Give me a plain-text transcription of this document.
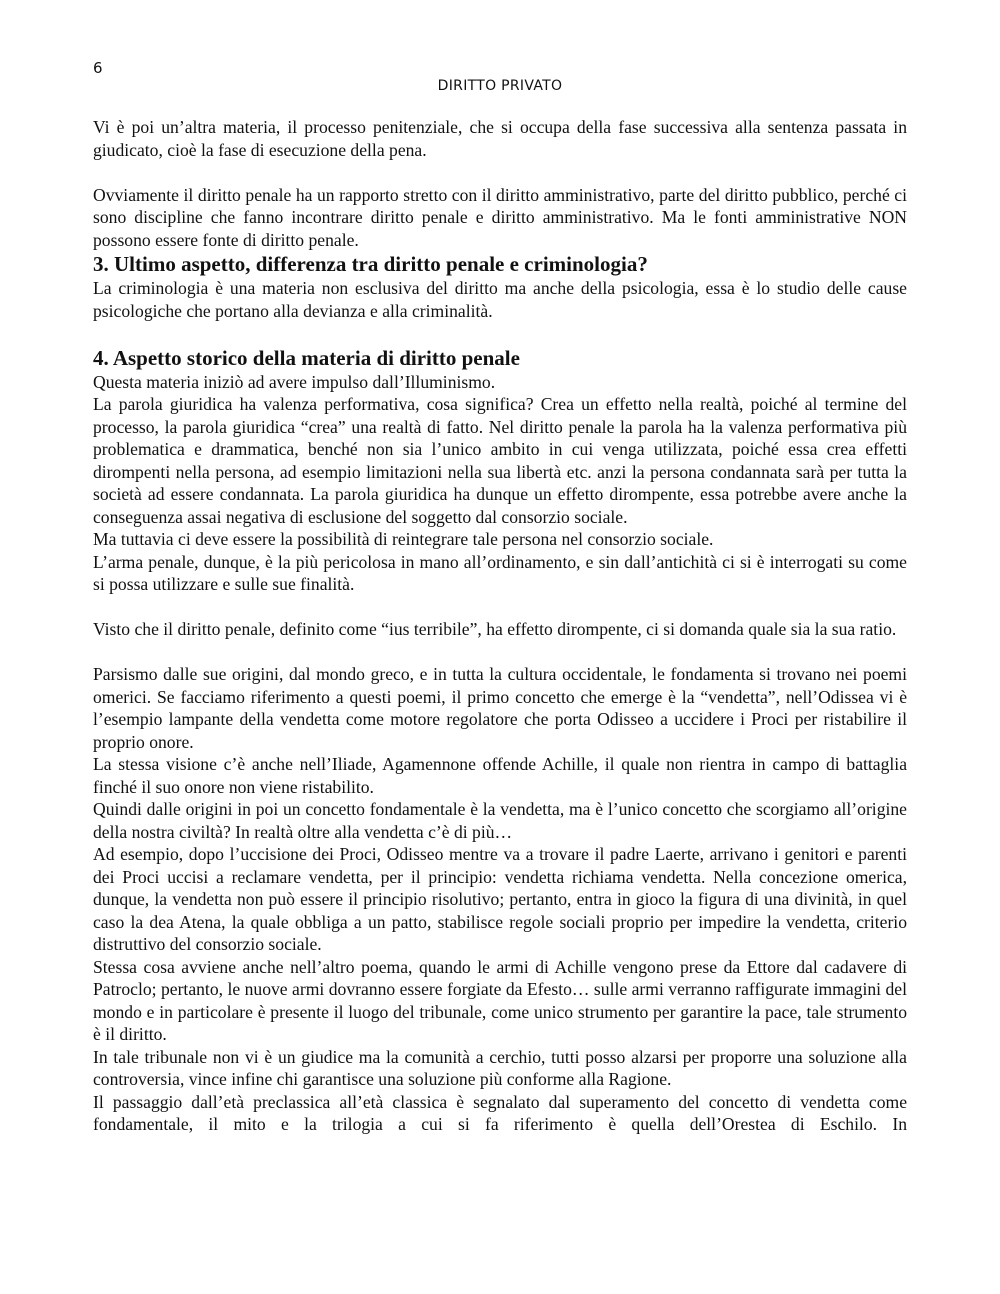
6
DIRITTO PRIVATO

Vi è poi un’altra materia, il processo penitenziale, che si occupa della fase successiva alla sentenza passata in giudicato, cioè la fase di esecuzione della pena.

Ovviamente il diritto penale ha un rapporto stretto con il diritto amministrativo, parte del diritto pubblico, perché ci sono discipline che fanno incontrare diritto penale e diritto amministrativo. Ma le fonti amministrative NON possono essere fonte di diritto penale.

3. Ultimo aspetto, differenza tra diritto penale e criminologia?

La criminologia è una materia non esclusiva del diritto ma anche della psicologia, essa è lo studio delle cause psicologiche che portano alla devianza e alla criminalità.

4. Aspetto storico della materia di diritto penale

Questa materia iniziò ad avere impulso dall’Illuminismo.

La parola giuridica ha valenza performativa, cosa significa? Crea un effetto nella realtà, poiché al termine del processo, la parola giuridica “crea” una realtà di fatto. Nel diritto penale la parola ha la valenza performativa più problematica e drammatica, benché non sia l’unico ambito in cui venga utilizzata, poiché essa crea effetti dirompenti nella persona, ad esempio limitazioni nella sua libertà etc. anzi la persona condannata sarà per tutta la società ad essere condannata. La parola giuridica ha dunque un effetto dirompente, essa potrebbe avere anche la conseguenza assai negativa di esclusione del soggetto dal consorzio sociale.

Ma tuttavia ci deve essere la possibilità di reintegrare tale persona nel consorzio sociale.

L’arma penale, dunque, è la più pericolosa in mano all’ordinamento, e sin dall’antichità ci si è interrogati su come si possa utilizzare e sulle sue finalità.

Visto che il diritto penale, definito come “ius terribile”, ha effetto dirompente, ci si domanda quale sia la sua ratio.

Parsismo dalle sue origini, dal mondo greco, e in tutta la cultura occidentale, le fondamenta si trovano nei poemi omerici. Se facciamo riferimento a questi poemi, il primo concetto che emerge è la “vendetta”, nell’Odissea vi è l’esempio lampante della vendetta come motore regolatore che porta Odisseo a uccidere i Proci per ristabilire il proprio onore.

La stessa visione c’è anche nell’Iliade, Agamennone offende Achille, il quale non rientra in campo di battaglia finché il suo onore non viene ristabilito.

Quindi dalle origini in poi un concetto fondamentale è la vendetta, ma è l’unico concetto che scorgiamo all’origine della nostra civiltà? In realtà oltre alla vendetta c’è di più…

Ad esempio, dopo l’uccisione dei Proci, Odisseo mentre va a trovare il padre Laerte, arrivano i genitori e parenti dei Proci uccisi a reclamare vendetta, per il principio: vendetta richiama vendetta. Nella concezione omerica, dunque, la vendetta non può essere il principio risolutivo; pertanto, entra in gioco la figura di una divinità, in quel caso la dea Atena, la quale obbliga a un patto, stabilisce regole sociali proprio per impedire la vendetta, criterio distruttivo del consorzio sociale.

Stessa cosa avviene anche nell’altro poema, quando le armi di Achille vengono prese da Ettore dal cadavere di Patroclo; pertanto, le nuove armi dovranno essere forgiate da Efesto… sulle armi verranno raffigurate immagini del mondo e in particolare è presente il luogo del tribunale, come unico strumento per garantire la pace, tale strumento è il diritto.

In tale tribunale non vi è un giudice ma la comunità a cerchio, tutti posso alzarsi per proporre una soluzione alla controversia, vince infine chi garantisce una soluzione più conforme alla Ragione.

Il passaggio dall’età preclassica all’età classica è segnalato dal superamento del concetto di vendetta come fondamentale, il mito e la trilogia a cui si fa riferimento è quella dell’Orestea di Eschilo. In
